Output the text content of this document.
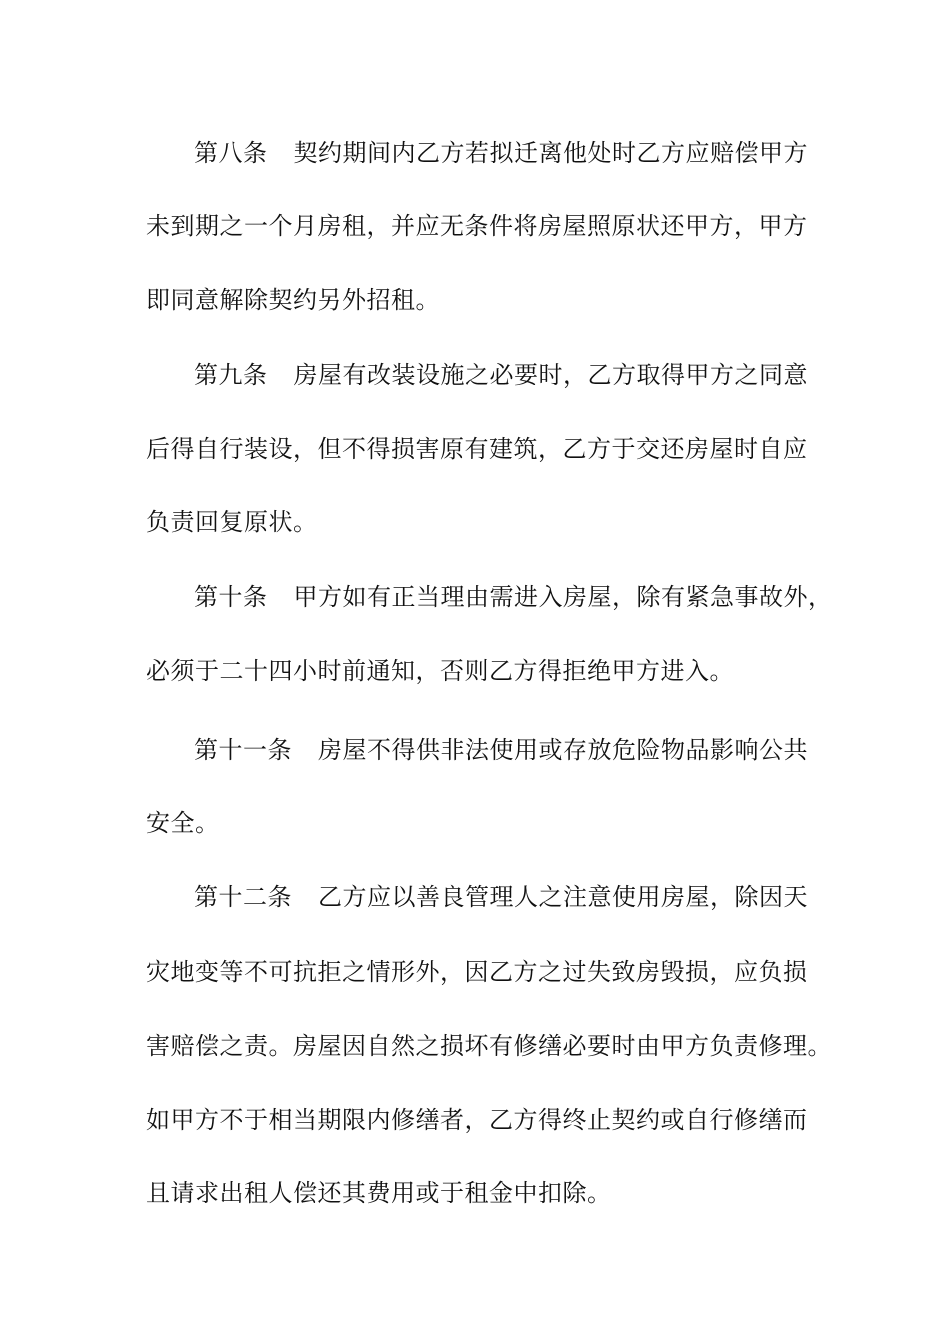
第八条 契约期间内乙方若拟迁离他处时乙方应赔偿甲方
未到期之一个月房租，并应无条件将房屋照原状还甲方，甲方
即同意解除契约另外招租。
第九条 房屋有改装设施之必要时，乙方取得甲方之同意
后得自行装设，但不得损害原有建筑，乙方于交还房屋时自应
负责回复原状。
第十条 甲方如有正当理由需进入房屋，除有紧急事故外，
必须于二十四小时前通知，否则乙方得拒绝甲方进入。
第十一条 房屋不得供非法使用或存放危险物品影响公共
安全。
第十二条 乙方应以善良管理人之注意使用房屋，除因天
灾地变等不可抗拒之情形外，因乙方之过失致房毁损，应负损
害赔偿之责。房屋因自然之损坏有修缮必要时由甲方负责修理。
如甲方不于相当期限内修缮者，乙方得终止契约或自行修缮而
且请求出租人偿还其费用或于租金中扣除。
